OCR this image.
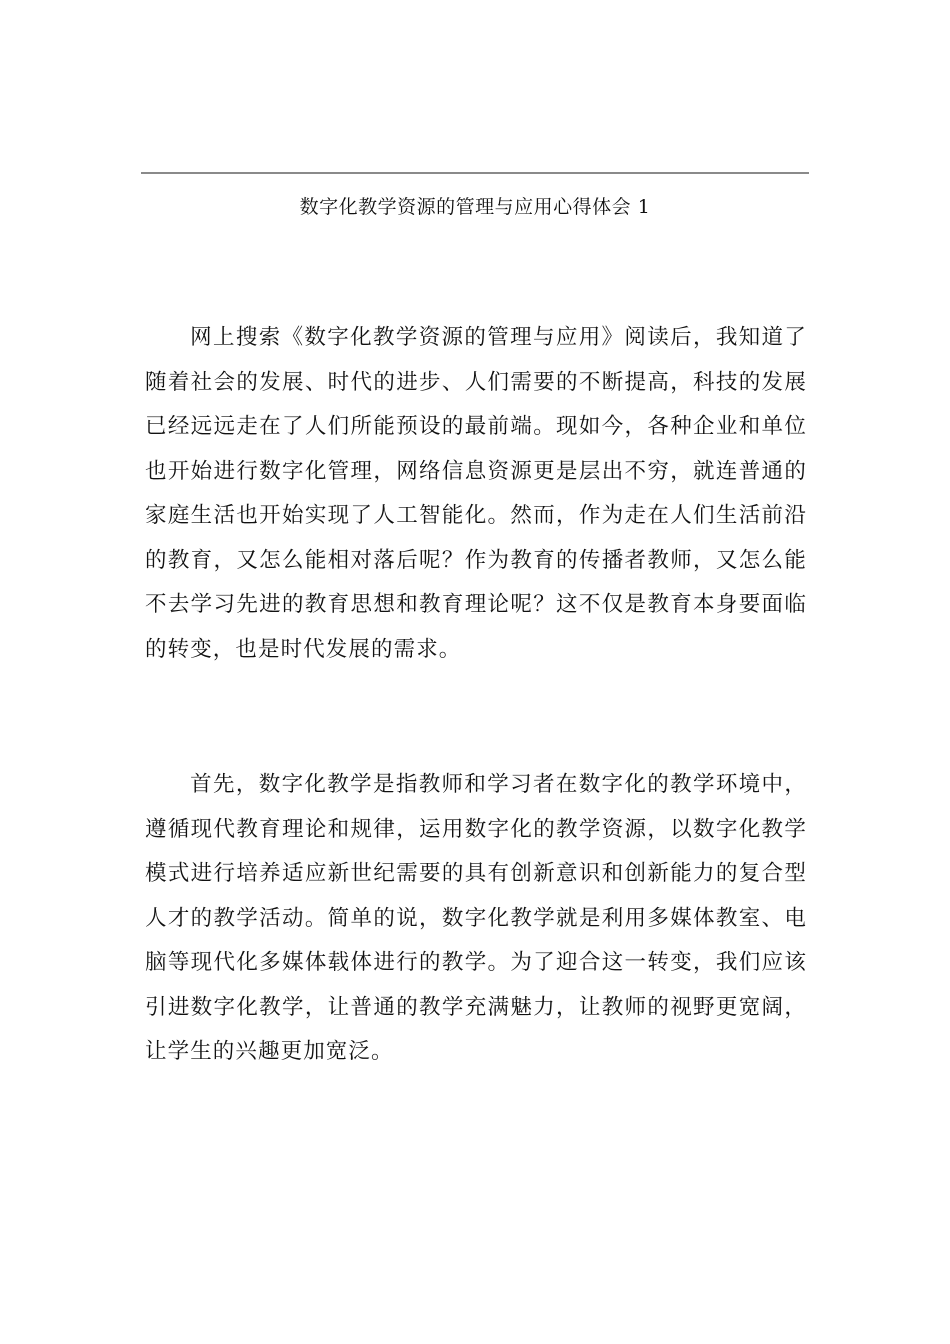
数字化教学资源的管理与应用心得体会 1

网上搜索《数字化教学资源的管理与应用》阅读后，我知道了随着社会的发展、时代的进步、人们需要的不断提高，科技的发展已经远远走在了人们所能预设的最前端。现如今，各种企业和单位也开始进行数字化管理，网络信息资源更是层出不穷，就连普通的家庭生活也开始实现了人工智能化。然而，作为走在人们生活前沿的教育，又怎么能相对落后呢？作为教育的传播者教师，又怎么能不去学习先进的教育思想和教育理论呢？这不仅是教育本身要面临的转变，也是时代发展的需求。

首先，数字化教学是指教师和学习者在数字化的教学环境中，遵循现代教育理论和规律，运用数字化的教学资源，以数字化教学模式进行培养适应新世纪需要的具有创新意识和创新能力的复合型人才的教学活动。简单的说，数字化教学就是利用多媒体教室、电脑等现代化多媒体载体进行的教学。为了迎合这一转变，我们应该引进数字化教学，让普通的教学充满魅力，让教师的视野更宽阔，让学生的兴趣更加宽泛。
